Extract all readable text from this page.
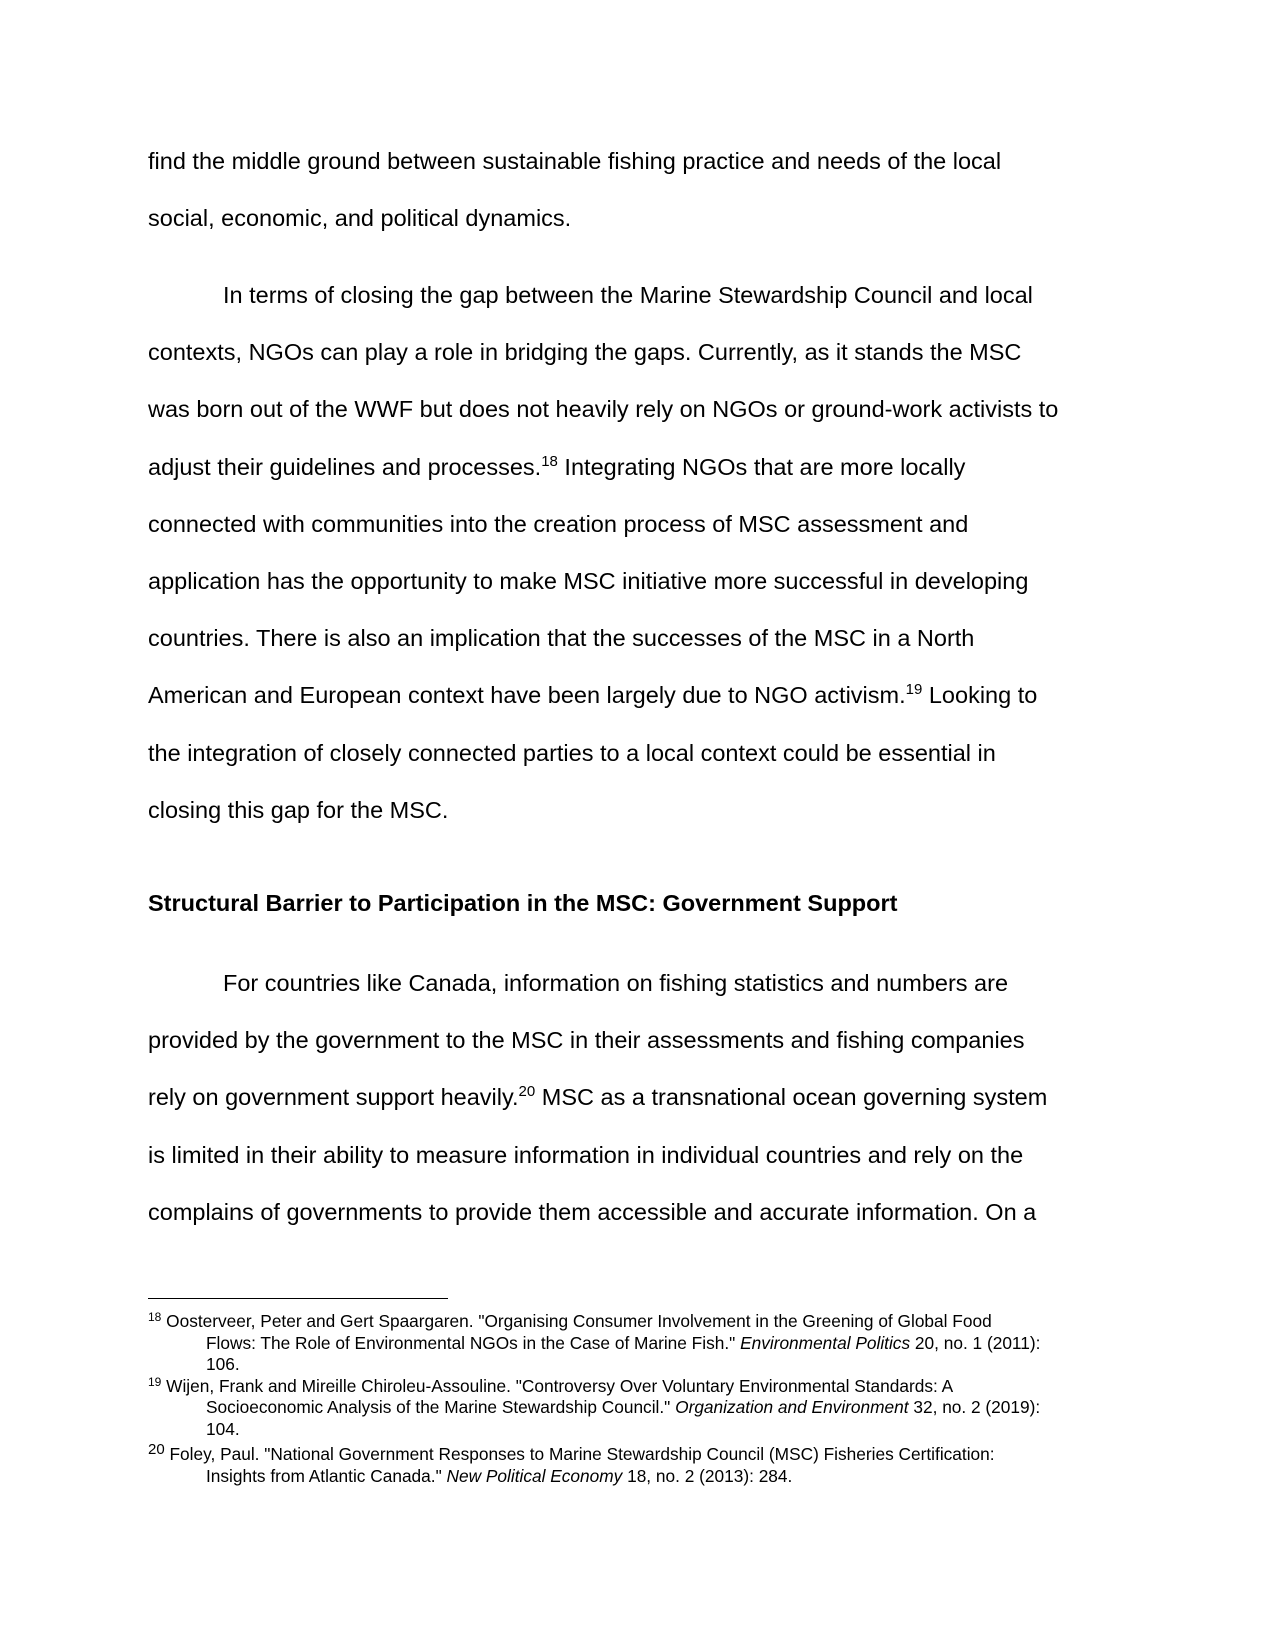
find the middle ground between sustainable fishing practice and needs of the local
social, economic, and political dynamics.

In terms of closing the gap between the Marine Stewardship Council and local
contexts, NGOs can play a role in bridging the gaps. Currently, as it stands the MSC
was born out of the WWF but does not heavily rely on NGOs or ground-work activists to
adjust their guidelines and processes.$^{18}$ Integrating NGOs that are more locally
connected with communities into the creation process of MSC assessment and
application has the opportunity to make MSC initiative more successful in developing
countries. There is also an implication that the successes of the MSC in a North
American and European context have been largely due to NGO activism.$^{19}$ Looking to
the integration of closely connected parties to a local context could be essential in
closing this gap for the MSC.

Structural Barrier to Participation in the MSC: Government Support

For countries like Canada, information on fishing statistics and numbers are
provided by the government to the MSC in their assessments and fishing companies
rely on government support heavily.$^{20}$ MSC as a transnational ocean governing system
is limited in their ability to measure information in individual countries and rely on the
complains of governments to provide them accessible and accurate information. On a

$^{18}$ Oosterveer, Peter and Gert Spaargaren. "Organising Consumer Involvement in the Greening of Global Food
Flows: The Role of Environmental NGOs in the Case of Marine Fish." Environmental Politics 20, no. 1 (2011):
106.
$^{19}$ Wijen, Frank and Mireille Chiroleu-Assouline. "Controversy Over Voluntary Environmental Standards: A
Socioeconomic Analysis of the Marine Stewardship Council." Organization and Environment 32, no. 2 (2019):
104.
20 Foley, Paul. "National Government Responses to Marine Stewardship Council (MSC) Fisheries Certification:
Insights from Atlantic Canada." New Political Economy 18, no. 2 (2013): 284.
